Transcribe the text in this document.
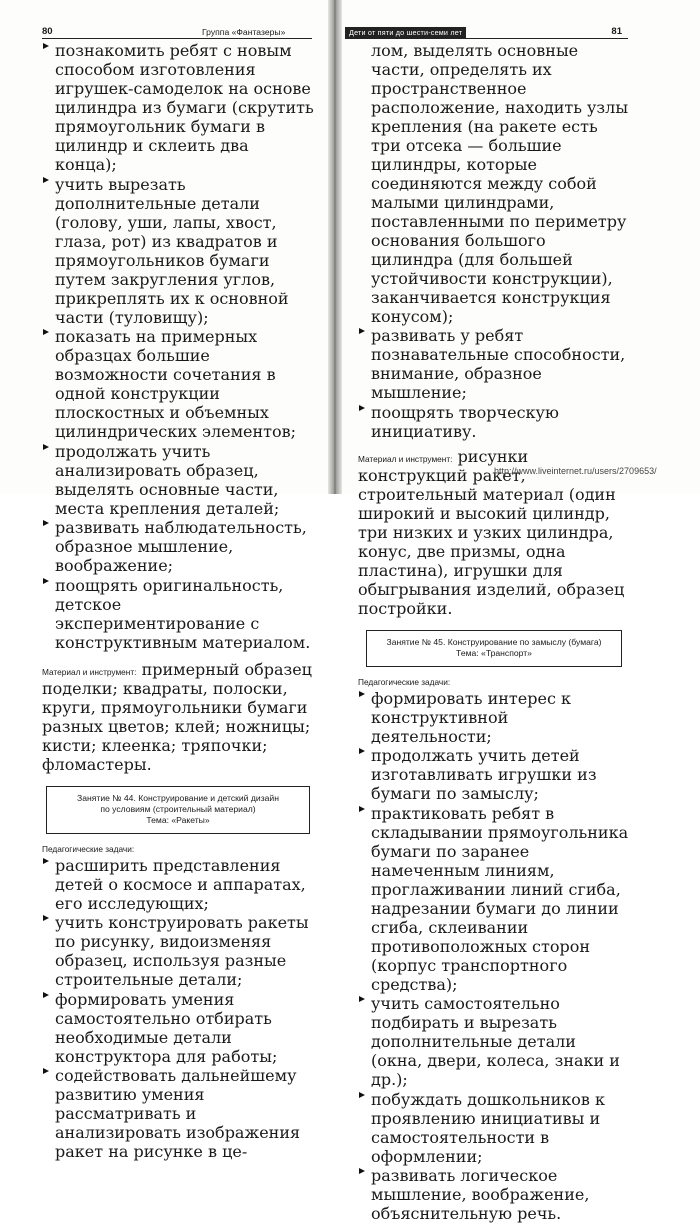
80	Группа «Фантазеры»
познакомить ребят с новым способом изготовления игрушек-самоделок на основе цилиндра из бумаги (скрутить прямоугольник бумаги в цилиндр и склеить два конца);
учить вырезать дополнительные детали (голову, уши, лапы, хвост, глаза, рот) из квадратов и прямоугольников бумаги путем закругления углов, прикреплять их к основной части (туловищу);
показать на примерных образцах большие возможности сочетания в одной конструкции плоскостных и объемных цилиндрических элементов;
продолжать учить анализировать образец, выделять основные части, места крепления деталей;
развивать наблюдательность, образное мышление, воображение;
поощрять оригинальность, детское экспериментирование с конструктивным материалом.

Материал и инструмент: примерный образец поделки; квадраты, полоски, круги, прямоугольники бумаги разных цветов; клей; ножницы; кисти; клеенка; тряпочки; фломастеры.

Занятие № 44. Конструирование и детский дизайн
по условиям (строительный материал)
Тема: «Ракеты»

Педагогические задачи:

расширить представления детей о космосе и аппаратах, его исследующих;
учить конструировать ракеты по рисунку, видоизменяя образец, используя разные строительные детали;
формировать умения самостоятельно отбирать необходимые детали конструктора для работы;
содействовать дальнейшему развитию умения рассматривать и анализировать изображения ракет на рисунке в це-
Дети от пяти до шести-семи лет	81

лом, выделять основные части, определять их пространственное расположение, находить узлы крепления (на ракете есть три отсека — большие цилиндры, которые соединяются между собой малыми цилиндрами, поставленными по периметру основания большого цилиндра (для большей устойчивости конструкции), заканчивается конструкция конусом);

развивать у ребят познавательные способности, внимание, образное мышление;
поощрять творческую инициативу.

Материал и инструмент: рисунки конструкций ракет, строительный материал (один широкий и высокий цилиндр, три низких и узких цилиндра, конус, две призмы, одна пластина), игрушки для обыгрывания изделий, образец постройки.

Занятие № 45. Конструирование по замыслу (бумага)
Тема: «Транспорт»

Педагогические задачи:

формировать интерес к конструктивной деятельности;
продолжать учить детей изготавливать игрушки из бумаги по замыслу;
практиковать ребят в складывании прямоугольника бумаги по заранее намеченным линиям, проглаживании линий сгиба, надрезании бумаги до линии сгиба, склеивании противоположных сторон (корпус транспортного средства);
учить самостоятельно подбирать и вырезать дополнительные детали (окна, двери, колеса, знаки и др.);
побуждать дошкольников к проявлению инициативы и самостоятельности в оформлении;
развивать логическое мышление, воображение, объяснительную речь.
http://www.liveinternet.ru/users/2709653/
